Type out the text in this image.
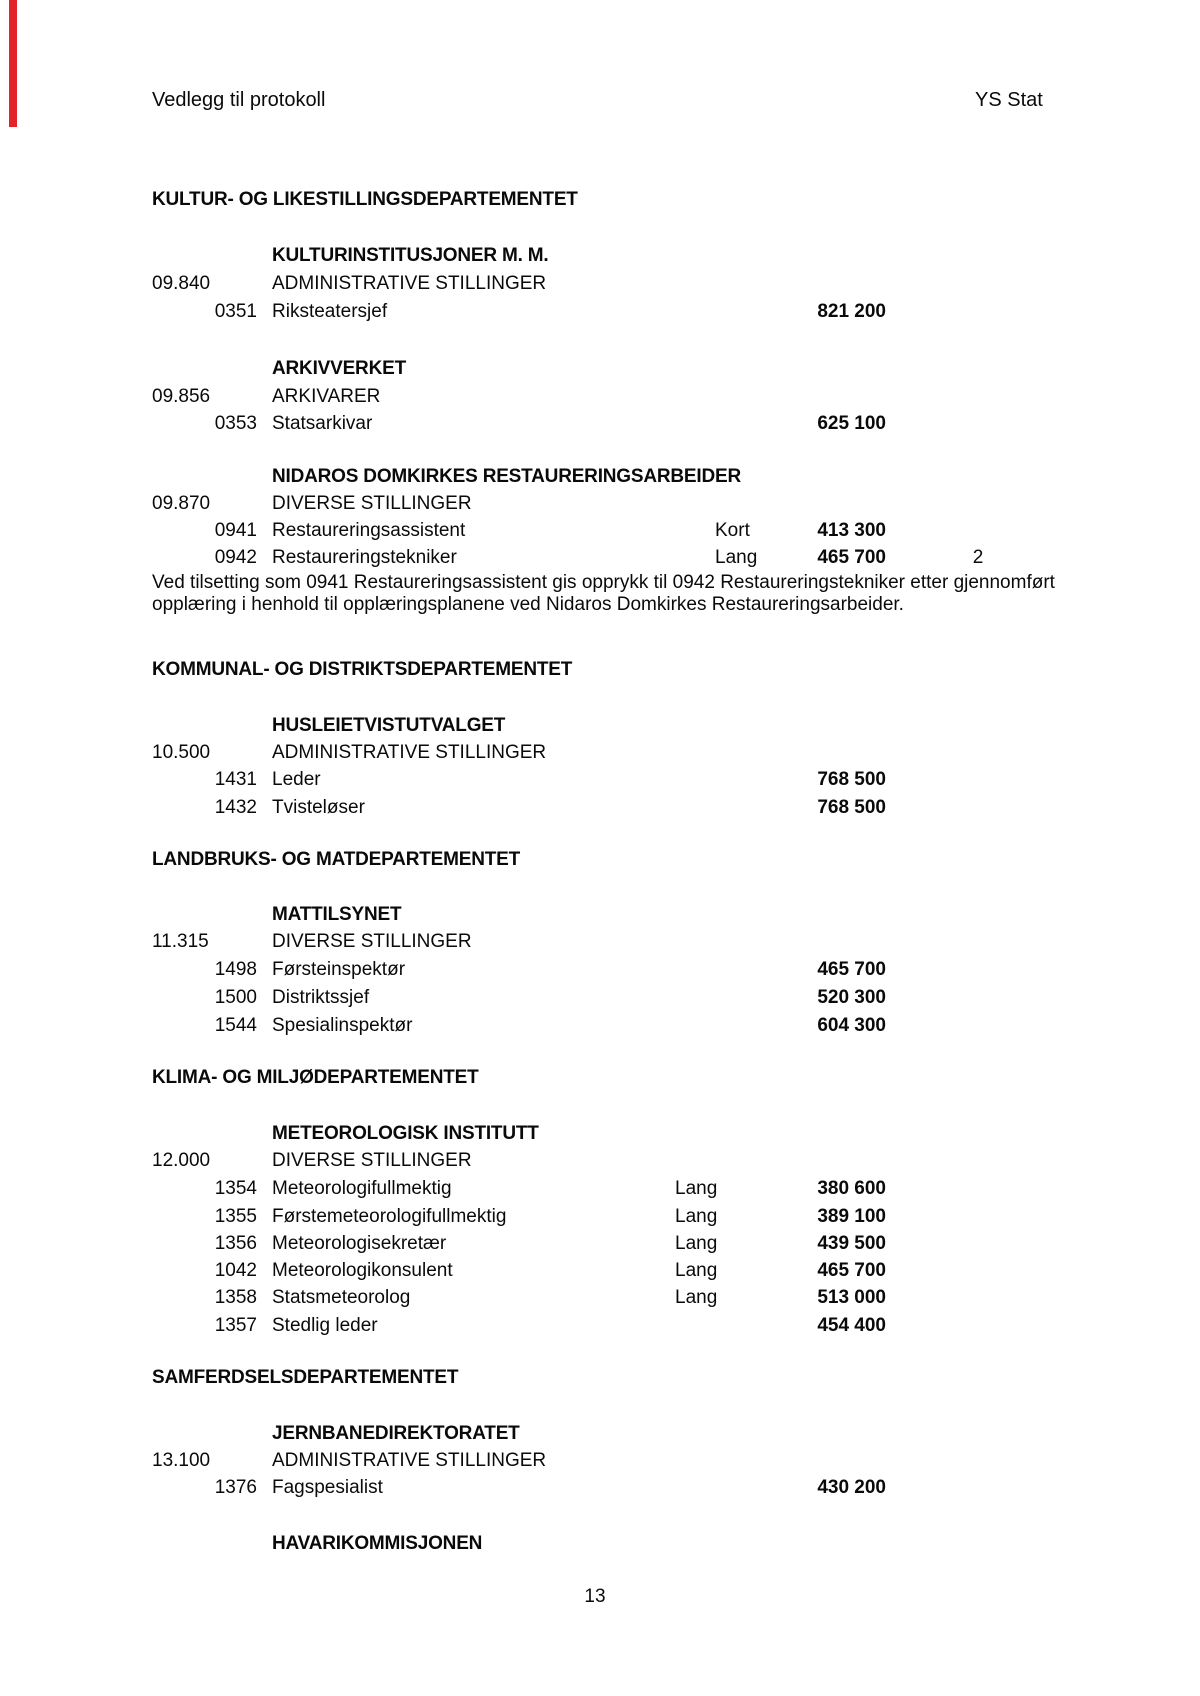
Vedlegg til protokoll	YS Stat
KULTUR- OG LIKESTILLINGSDEPARTEMENTET
KULTURINSTITUSJONER M. M.
09.840	ADMINISTRATIVE STILLINGER
0351 Riksteatersjef	821 200
ARKIVVERKET
09.856	ARKIVARER
0353 Statsarkivar	625 100
NIDAROS DOMKIRKES RESTAURERINGSARBEIDER
09.870	DIVERSE STILLINGER
0941 Restaureringsassistent	Kort	413 300
0942 Restaureringstekniker	Lang	465 700	2
Ved tilsetting som 0941 Restaureringsassistent gis opprykk til 0942 Restaureringstekniker etter gjennomført opplæring i henhold til opplæringsplanene ved Nidaros Domkirkes Restaureringsarbeider.
KOMMUNAL- OG DISTRIKTSDEPARTEMENTET
HUSLEIETVISTUTVALGET
10.500	ADMINISTRATIVE STILLINGER
1431 Leder	768 500
1432 Tvisteløser	768 500
LANDBRUKS- OG MATDEPARTEMENTET
MATTILSYNET
11.315	DIVERSE STILLINGER
1498 Førsteinspektør	465 700
1500 Distriktssjef	520 300
1544 Spesialinspektør	604 300
KLIMA- OG MILJØDEPARTEMENTET
METEOROLOGISK INSTITUTT
12.000	DIVERSE STILLINGER
1354 Meteorologifullmektig	Lang	380 600
1355 Førstemeteorologifullmektig	Lang	389 100
1356 Meteorologisekretær	Lang	439 500
1042 Meteorologikonsulent	Lang	465 700
1358 Statsmeteorolog	Lang	513 000
1357 Stedlig leder	454 400
SAMFERDSELSDEPARTEMENTET
JERNBANEDIREKTORATET
13.100	ADMINISTRATIVE STILLINGER
1376 Fagspesialist	430 200
HAVARIKOMMISJONEN
13
